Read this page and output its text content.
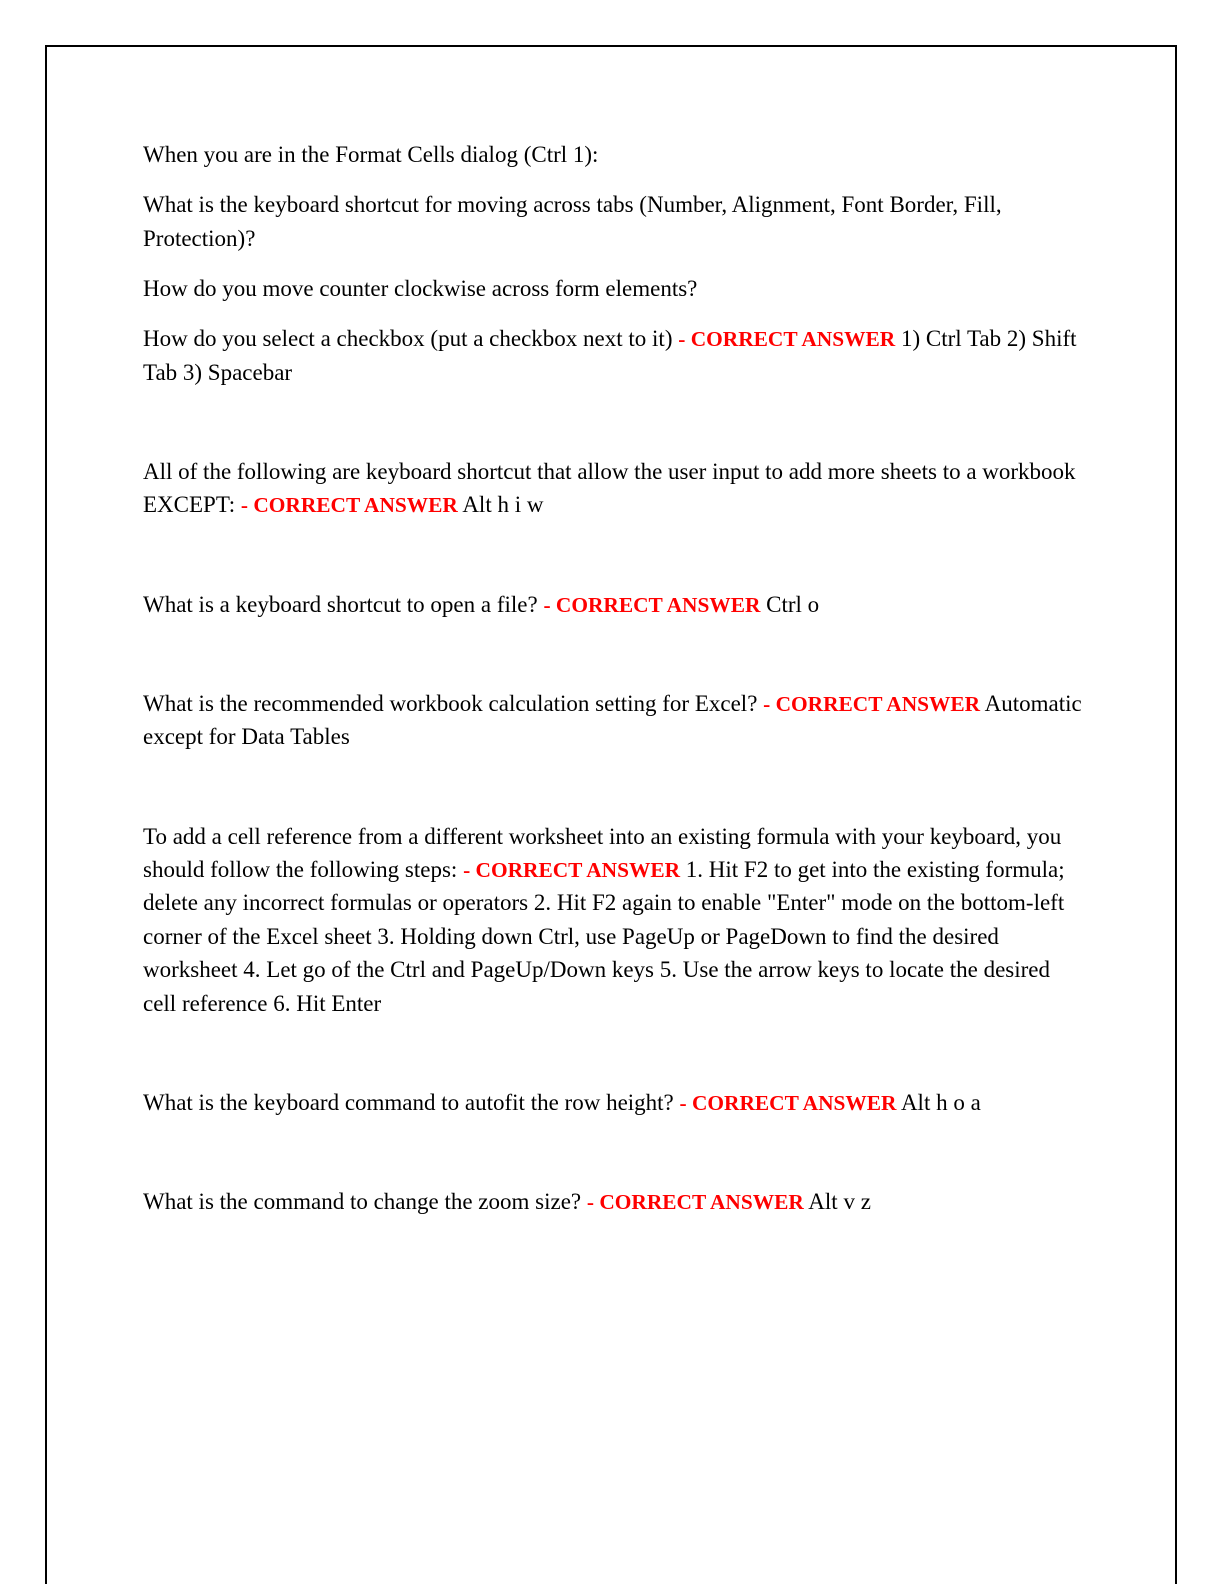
When you are in the Format Cells dialog (Ctrl 1):

What is the keyboard shortcut for moving across tabs (Number, Alignment, Font Border, Fill, Protection)?

How do you move counter clockwise across form elements?

How do you select a checkbox (put a checkbox next to it) - CORRECT ANSWER 1) Ctrl Tab 2) Shift Tab 3) Spacebar

All of the following are keyboard shortcut that allow the user input to add more sheets to a workbook EXCEPT: - CORRECT ANSWER Alt h i w

What is a keyboard shortcut to open a file? - CORRECT ANSWER Ctrl o

What is the recommended workbook calculation setting for Excel? - CORRECT ANSWER Automatic except for Data Tables

To add a cell reference from a different worksheet into an existing formula with your keyboard, you should follow the following steps: - CORRECT ANSWER 1. Hit F2 to get into the existing formula; delete any incorrect formulas or operators 2. Hit F2 again to enable "Enter" mode on the bottom-left corner of the Excel sheet 3. Holding down Ctrl, use PageUp or PageDown to find the desired worksheet 4. Let go of the Ctrl and PageUp/Down keys 5. Use the arrow keys to locate the desired cell reference 6. Hit Enter

What is the keyboard command to autofit the row height? - CORRECT ANSWER Alt h o a

What is the command to change the zoom size? - CORRECT ANSWER Alt v z
